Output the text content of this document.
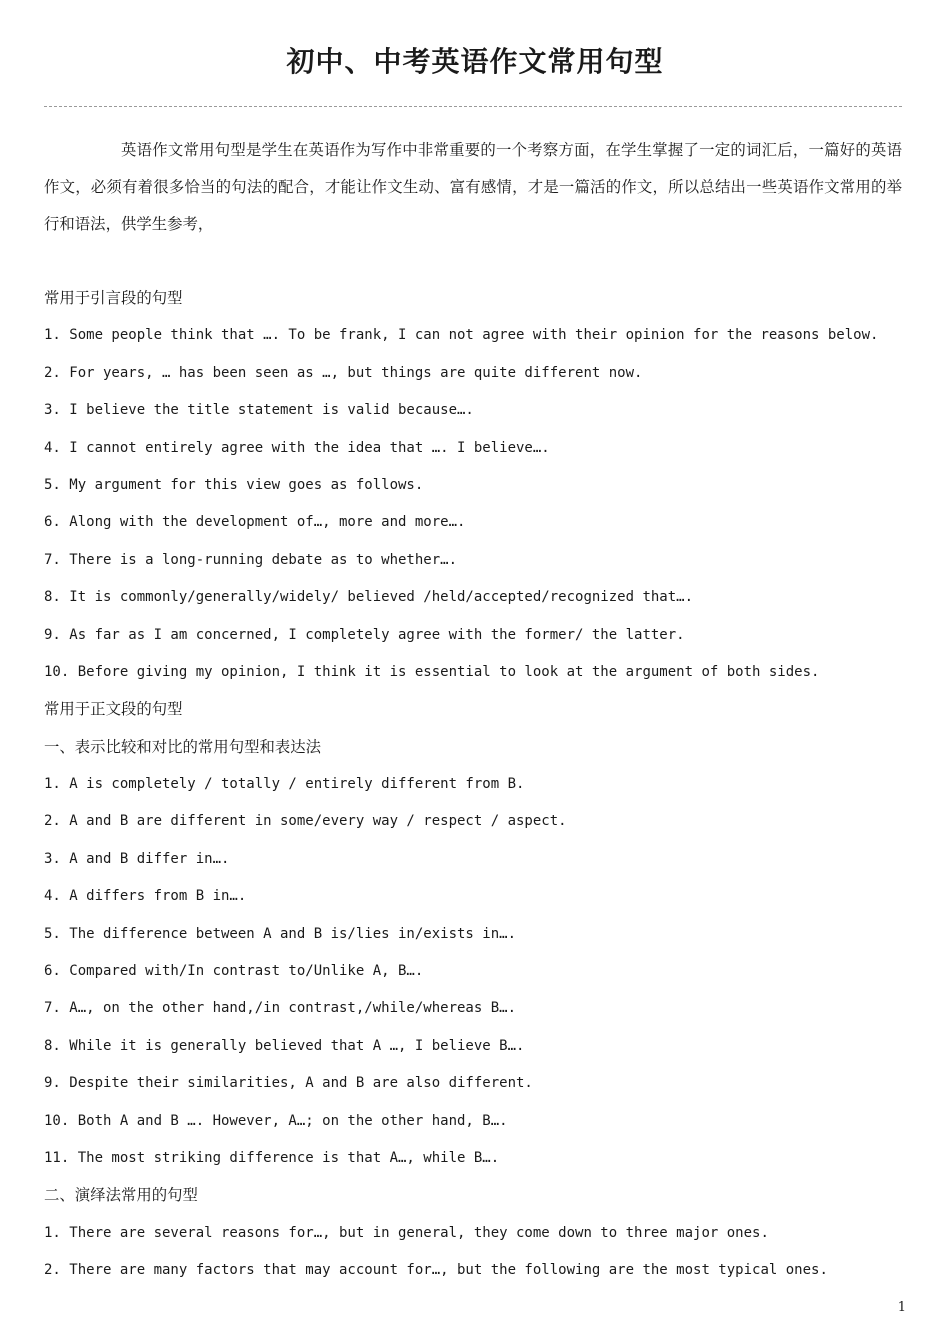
初中、中考英语作文常用句型
英语作文常用句型是学生在英语作为写作中非常重要的一个考察方面，在学生掌握了一定的词汇后，一篇好的英语作文，必须有着很多恰当的句法的配合，才能让作文生动、富有感情，才是一篇活的作文，所以总结出一些英语作文常用的举行和语法，供学生参考，
常用于引言段的句型
1. Some people think that …. To be frank, I can not agree with their opinion for the reasons below.
2. For years, … has been seen as …, but things are quite different now.
3. I believe the title statement is valid because….
4. I cannot entirely agree with the idea that …. I believe….
5. My argument for this view goes as follows.
6. Along with the development of…, more and more….
7. There is a long-running debate as to whether….
8. It is commonly/generally/widely/ believed /held/accepted/recognized that….
9. As far as I am concerned, I completely agree with the former/ the latter.
10. Before giving my opinion, I think it is essential to look at the argument of both sides.
常用于正文段的句型
一、表示比较和对比的常用句型和表达法
1. A is completely / totally / entirely different from B.
2. A and B are different in some/every way / respect / aspect.
3. A and B differ in….
4. A differs from B in….
5. The difference between A and B is/lies in/exists in….
6. Compared with/In contrast to/Unlike A, B….
7. A…, on the other hand,/in contrast,/while/whereas B….
8. While it is generally believed that A …, I believe B….
9. Despite their similarities, A and B are also different.
10. Both A and B …. However, A…; on the other hand, B….
11. The most striking difference is that A…, while B….
二、演绎法常用的句型
1. There are several reasons for…, but in general, they come down to three major ones.
2. There are many factors that may account for…, but the following are the most typical ones.
1
